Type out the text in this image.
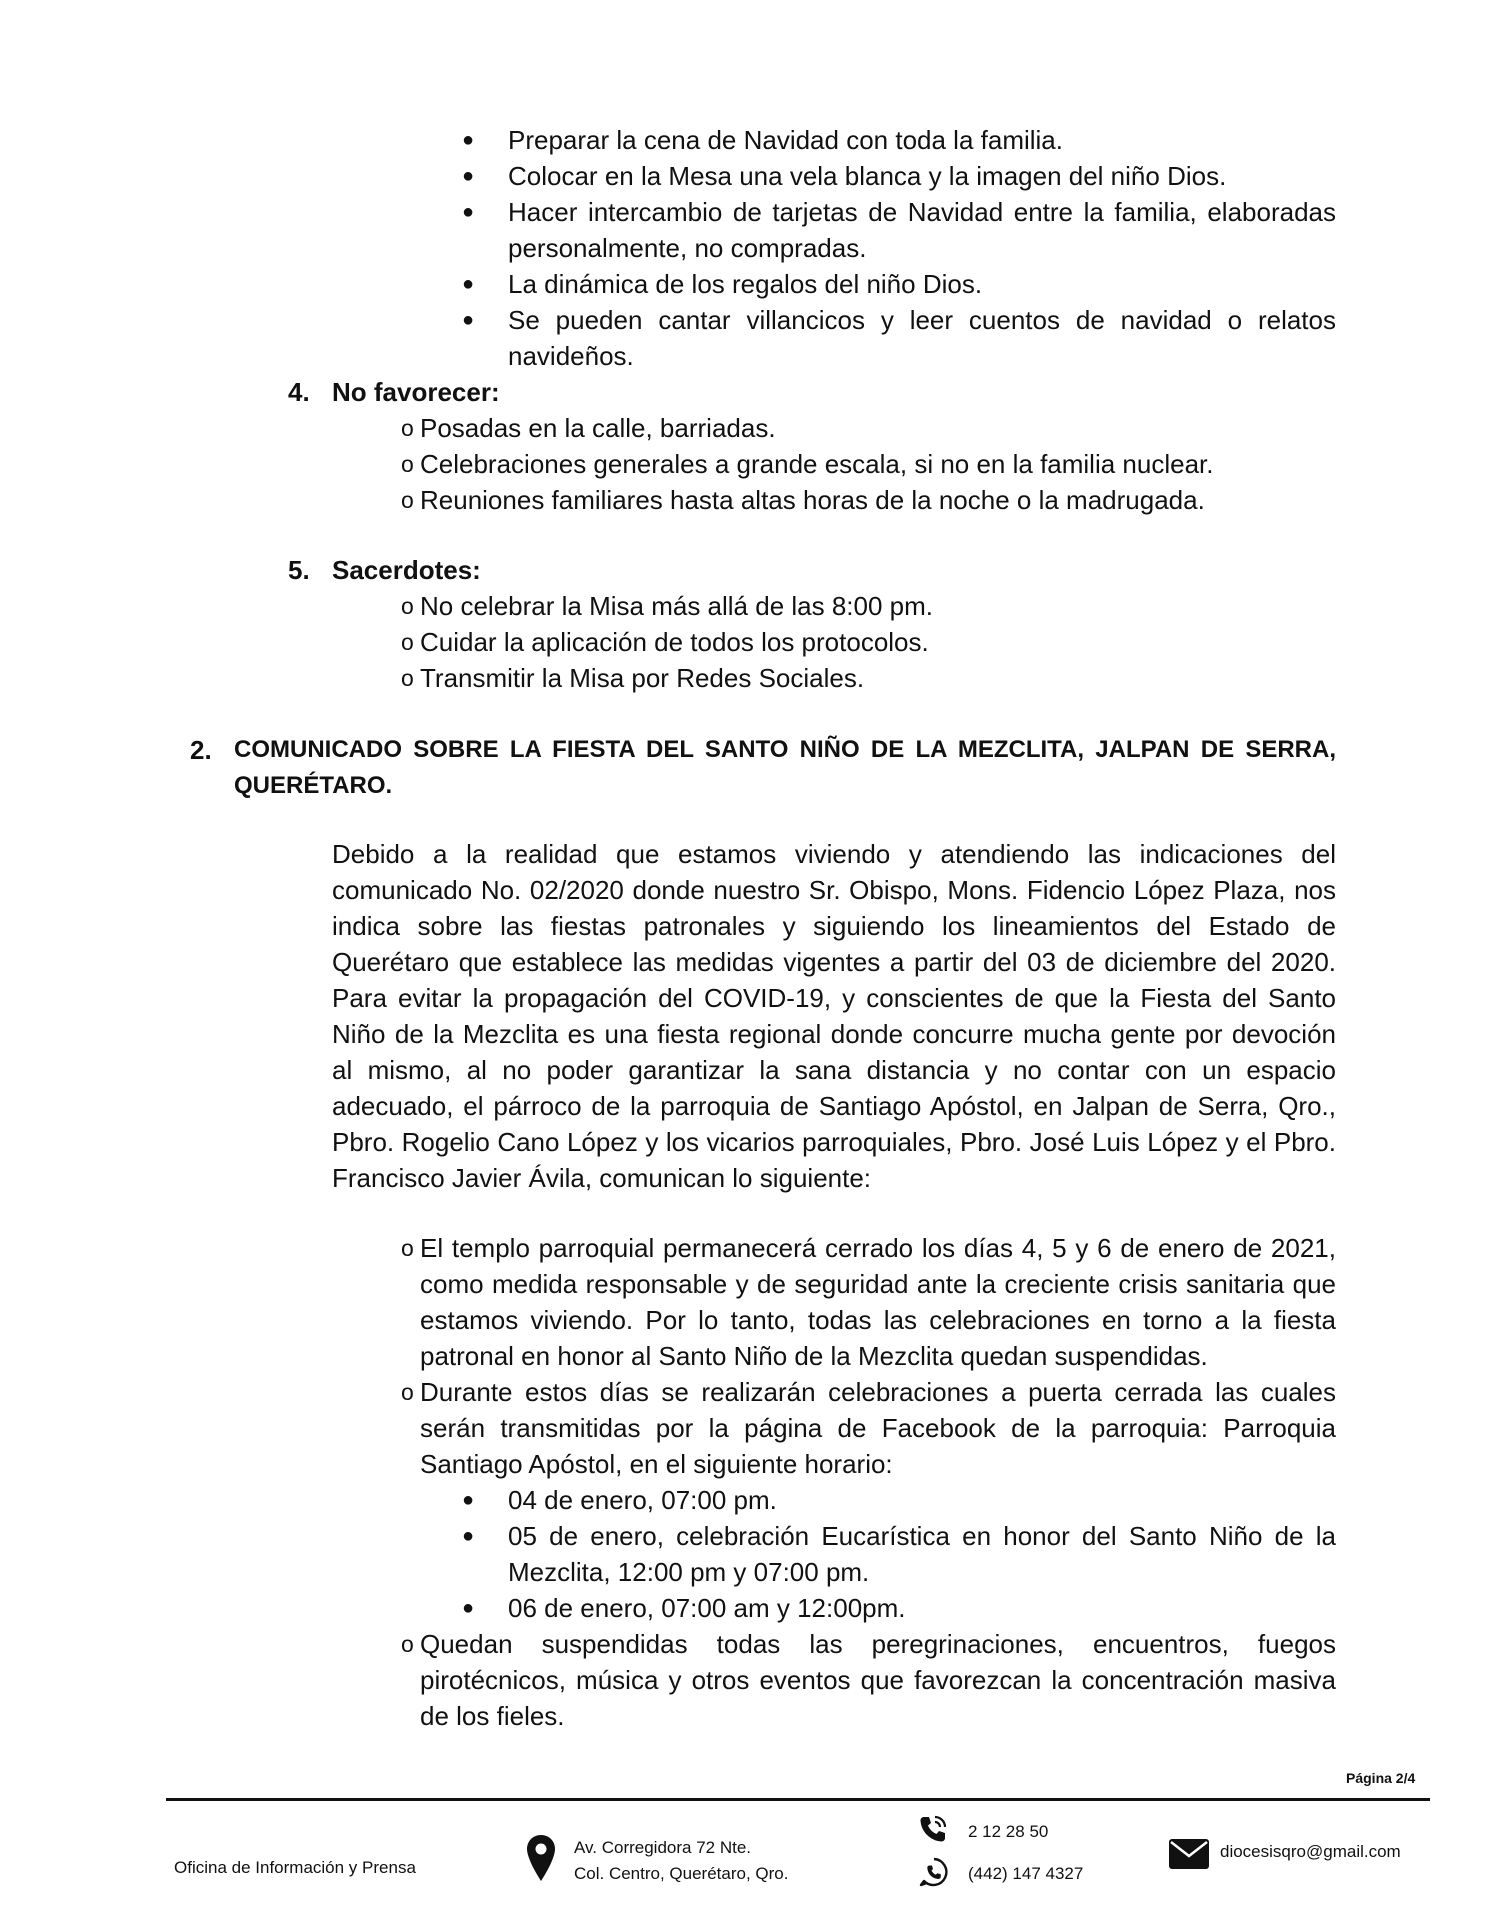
● Preparar la cena de Navidad con toda la familia.
● Colocar en la Mesa una vela blanca y la imagen del niño Dios.
● Hacer intercambio de tarjetas de Navidad entre la familia, elaboradas
personalmente, no compradas.
● La dinámica de los regalos del niño Dios.
● Se pueden cantar villancicos y leer cuentos de navidad o relatos
navideños.
4. No favorecer:
o Posadas en la calle, barriadas.
o Celebraciones generales a grande escala, si no en la familia nuclear.
o Reuniones familiares hasta altas horas de la noche o la madrugada.
5. Sacerdotes:
o No celebrar la Misa más allá de las 8:00 pm.
o Cuidar la aplicación de todos los protocolos.
o Transmitir la Misa por Redes Sociales.
2. COMUNICADO SOBRE LA FIESTA DEL SANTO NIÑO DE LA MEZCLITA, JALPAN DE SERRA,
QUERÉTARO.
Debido a la realidad que estamos viviendo y atendiendo las indicaciones del
comunicado No. 02/2020 donde nuestro Sr. Obispo, Mons. Fidencio López Plaza, nos
indica sobre las fiestas patronales y siguiendo los lineamientos del Estado de
Querétaro que establece las medidas vigentes a partir del 03 de diciembre del 2020.
Para evitar la propagación del COVID-19, y conscientes de que la Fiesta del Santo
Niño de la Mezclita es una fiesta regional donde concurre mucha gente por devoción
al mismo, al no poder garantizar la sana distancia y no contar con un espacio
adecuado, el párroco de la parroquia de Santiago Apóstol, en Jalpan de Serra, Qro.,
Pbro. Rogelio Cano López y los vicarios parroquiales, Pbro. José Luis López y el Pbro.
Francisco Javier Ávila, comunican lo siguiente:
o El templo parroquial permanecerá cerrado los días 4, 5 y 6 de enero de 2021,
como medida responsable y de seguridad ante la creciente crisis sanitaria que
estamos viviendo. Por lo tanto, todas las celebraciones en torno a la fiesta
patronal en honor al Santo Niño de la Mezclita quedan suspendidas.
o Durante estos días se realizarán celebraciones a puerta cerrada las cuales
serán transmitidas por la página de Facebook de la parroquia: Parroquia
Santiago Apóstol, en el siguiente horario:
● 04 de enero, 07:00 pm.
● 05 de enero, celebración Eucarística en honor del Santo Niño de la
Mezclita, 12:00 pm y 07:00 pm.
● 06 de enero, 07:00 am y 12:00pm.
o Quedan suspendidas todas las peregrinaciones, encuentros, fuegos
pirotécnicos, música y otros eventos que favorezcan la concentración masiva
de los fieles.
Página 2/4
Oficina de Información y Prensa
Av. Corregidora 72 Nte.
Col. Centro, Querétaro, Qro.
2 12 28 50
(442) 147 4327
diocesisqro@gmail.com
